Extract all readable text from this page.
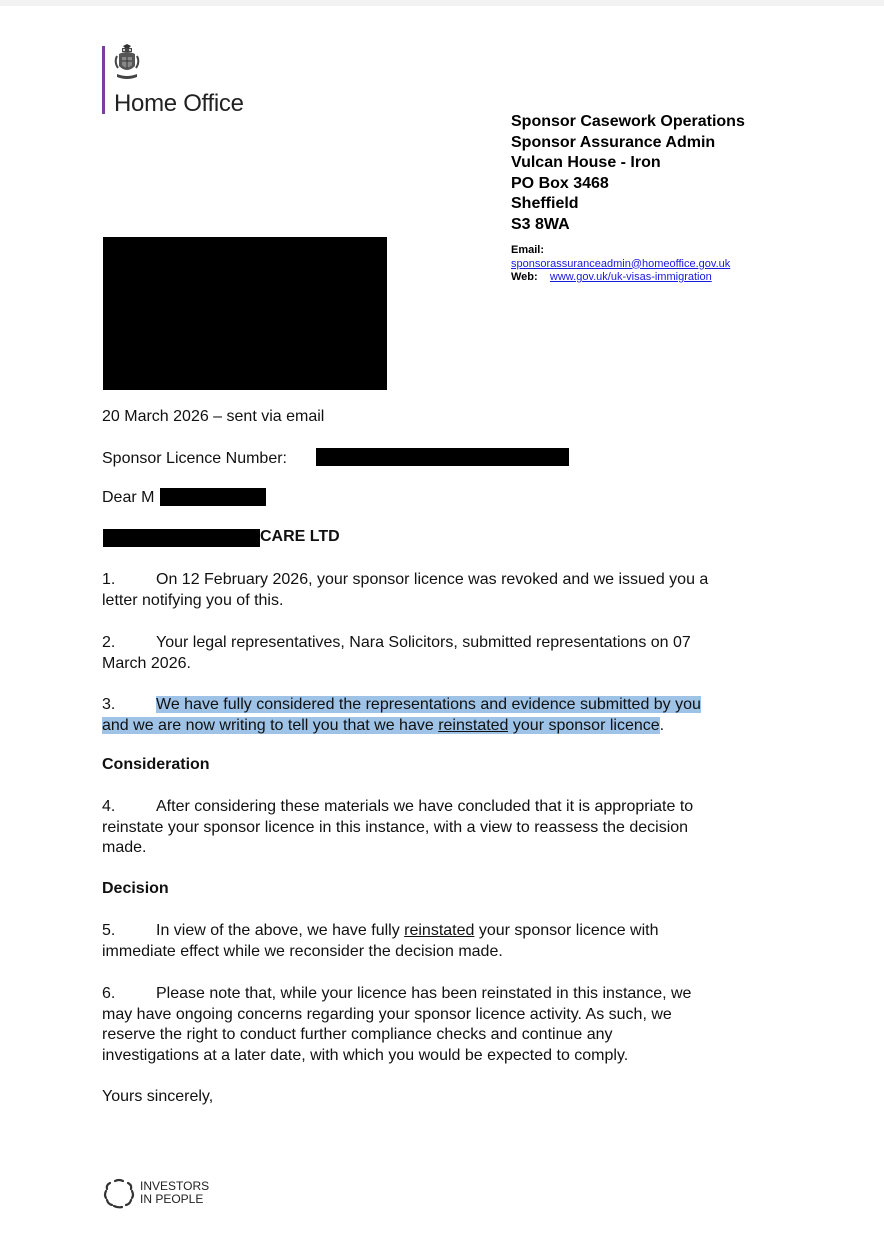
Home Office
Sponsor Casework Operations
Sponsor Assurance Admin
Vulcan House - Iron
PO Box 3468
Sheffield
S3 8WA
Email:
sponsorassuranceadmin@homeoffice.gov.uk
Web: www.gov.uk/uk-visas-immigration
20 March 2026 – sent via email
Sponsor Licence Number:
Dear M
CARE LTD
1.	On 12 February 2026, your sponsor licence was revoked and we issued you a
letter notifying you of this.
2.	Your legal representatives, Nara Solicitors, submitted representations on 07
March 2026.
3.	We have fully considered the representations and evidence submitted by you
and we are now writing to tell you that we have reinstated your sponsor licence.
Consideration
4.	After considering these materials we have concluded that it is appropriate to
reinstate your sponsor licence in this instance, with a view to reassess the decision
made.
Decision
5.	In view of the above, we have fully reinstated your sponsor licence with
immediate effect while we reconsider the decision made.
6.	Please note that, while your licence has been reinstated in this instance, we
may have ongoing concerns regarding your sponsor licence activity. As such, we
reserve the right to conduct further compliance checks and continue any
investigations at a later date, with which you would be expected to comply.
Yours sincerely,
INVESTORS
IN PEOPLE
